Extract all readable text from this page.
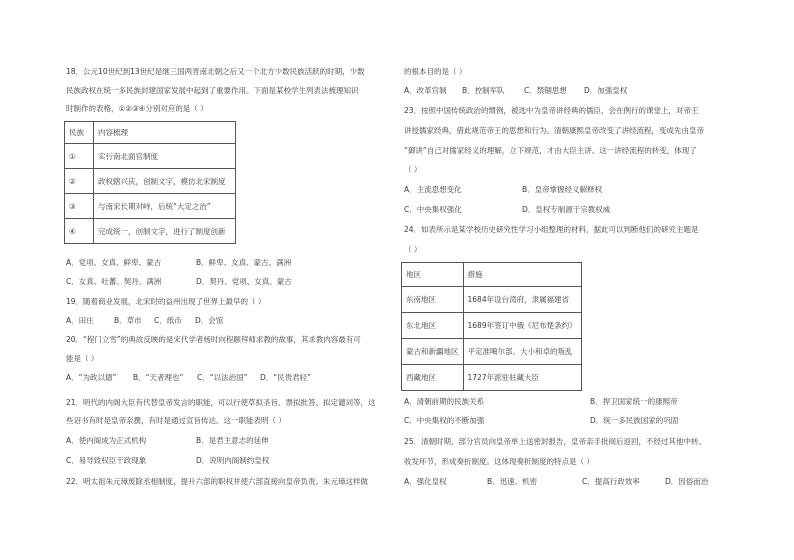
18．公元10世纪到13世纪是继三国两晋南北朝之后又一个北方少数民族活跃的时期，少数
民族政权在统一多民族封建国家发展中起到了重要作用。下面是某校学生列表法梳理知识
时制作的表格，①②③④分别对应的是（ ）
民族	内容梳理
①	实行南北面官制度
②	政权辖兴庆，创制文字，模仿北宋制度
③	与南宋长期对峙，后统“大定之治”
④	完成统一，创制文字，进行了制度创新
A．党项、女真、鲜卑、蒙古	B．鲜卑、女真、蒙古、满洲
C．女真、吐蕃、契丹、满洲	D．契丹、党项、女真、蒙古
19．随着商业发展，北宋时的益州出现了世界上最早的（ ）
A．田庄	B．草市 C．纸币 D．会馆
20．“程门立雪”的典故反映的是宋代学者杨时向程颐拜师求教的故事，其求教内容最有可
能是（ ）
A．“为政以德” B．“天者理也” C．“以法治国” D．“民贵君轻”
21．明代的内阁大臣有代替皇帝发言的职能，可以行使草拟圣旨、票拟批答、拟定谴词等，这
些诏书有时是皇帝亲撰，有时是通过宣旨传达。这一职能表明（ ）
A．使内阁成为正式机构	B．是君主意志的延伸
C．易导致权臣干政现象	D．说明内阁制约皇权
22．明太祖朱元璋废除丞相制度，提升六部的职权并使六部直接向皇帝负责。朱元璋这样做
的根本目的是（ ）
A．改革官制 B．控制军队	C．禁锢思想 D．加强皇权
23．按照中国传统政治的惯例，被选中为皇帝讲经典的儒臣，会在例行的课堂上，对帝王
讲授儒家经典，借此规范帝王的思想和行为。清朝康熙皇帝改变了讲经流程，变成先由皇帝
“御讲”自己对儒家经义的理解，立下规范，才由大臣主讲。这一讲经流程的转变，体现了
（ ）
A．主流思想变化	B．皇帝掌握经义解释权
C．中央集权强化	D．皇权专制源于宗教权威
24．如表所示是某学校历史研究性学习小组整理的材料，据此可以判断他们的研究主题是
（ ）
地区	措施
东南地区	1684年设台湾府，隶属福建省
东北地区	1689年签订中俄《尼布楚条约》
蒙古和新疆地区	平定准噶尔部、大小和卓的叛乱
西藏地区	1727年派驻驻藏大臣
A．清朝前期的民族关系	B．捍卫国家统一的康熙帝
C．中央集权的不断加强	D．统一多民族国家的巩固
25．清朝时期，部分官员向皇帝单上送密封报告，皇帝亲手批阅后返回，不经过其他中转、
收发环节，形成奏折制度。这体现奏折制度的特点是（ ）
A．强化皇权	B．迅速、机密	C．提高行政效率	D．因俗而治
